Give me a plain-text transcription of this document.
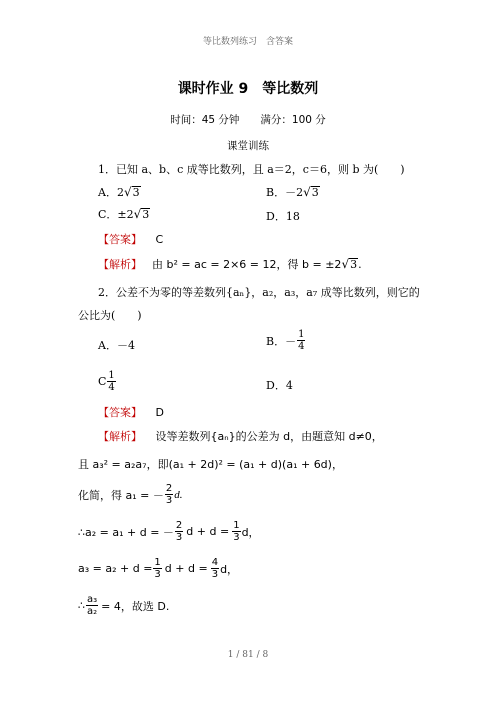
等比数列练习　含答案
课时作业 9　等比数列
时间：45 分钟　　满分：100 分
课堂训练
1．已知 a、b、c 成等比数列，且 a＝2，c＝6，则 b 为(　　)
A．2 √ 3	B．－2 √ 3
C．±2 √ 3	D．18
【答案】 C
【解析】 由 b² = ac = 2×6 = 12，得 b = ±2 √ 3 .
2．公差不为零的等差数列{aₙ}，a₂，a₃，a₇ 成等比数列，则它的
公比为(　　)
A．－4	B．－ $\frac{1}{4}$
C $\frac{1}{4}$	D．4
【答案】 D
【解析】 设等差数列{aₙ}的公差为 d，由题意知 d≠0，
且 a₃² = a₂a₇，即(a₁ + 2d)² = (a₁ + d)(a₁ + 6d)，
化简，得 a₁ = － $\frac{2}{3} d$.
∴a₂ = a₁ + d = － $\frac{2}{3}$ $d + d = \frac{1}{3}$ d，
$a_3 = a_2 + d = \frac{1}{3}$ $d + d = \frac{4}{3}$ d，
∴ $\frac{\text{a₃}}{\text{a₂}} = 4$，故选 D.
1 / 81 / 8
